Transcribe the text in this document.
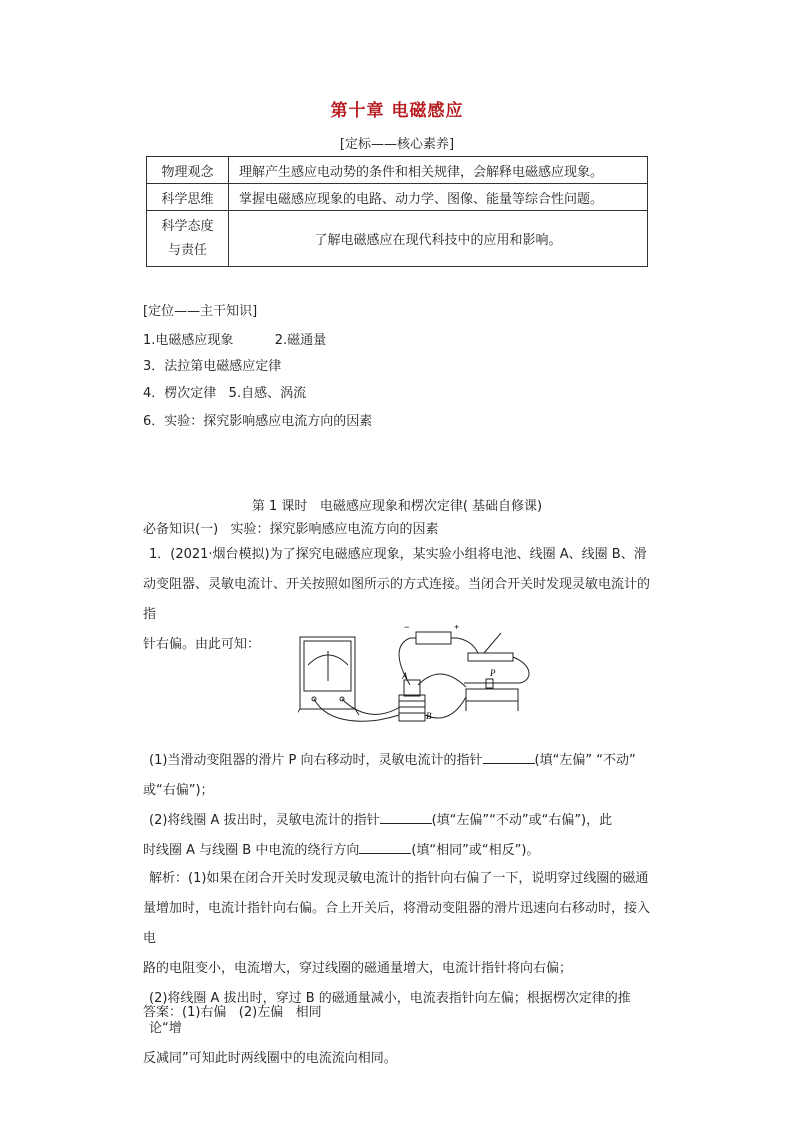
第十章 电磁感应
[定标——核心素养]
物理观念	理解产生感应电动势的条件和相关规律，会解释电磁感应现象。
科学思维	掌握电磁感应现象的电路、动力学、图像、能量等综合性问题。

科学态度
与责任	了解电磁感应在现代科技中的应用和影响。
[定位——主干知识]
1.电磁感应现象          2.磁通量
3．法拉第电磁感应定律
4．楞次定律   5.自感、涡流
6．实验：探究影响感应电流方向的因素
第 1 课时   电磁感应现象和楞次定律( 基础自修课)
必备知识(一)   实验：探究影响感应电流方向的因素

1．(2021·烟台模拟)为了探究电磁感应现象，某实验小组将电池、线圈 A、线圈 B、滑

动变阻器、灵敏电流计、开关按照如图所示的方式连接。当闭合开关时发现灵敏电流计的指

针右偏。由此可知：

−	+
A
B
P

(1)当滑动变阻器的滑片 P 向右移动时，灵敏电流计的指针	(填“左偏” “不动”

或“右偏”)；

(2)将线圈 A 拔出时，灵敏电流计的指针	(填“左偏”“不动”或“右偏”)，此

时线圈 A 与线圈 B 中电流的绕行方向	(填“相同”或“相反”)。

解析：(1)如果在闭合开关时发现灵敏电流计的指针向右偏了一下，说明穿过线圈的磁通

量增加时，电流计指针向右偏。合上开关后，将滑动变阻器的滑片迅速向右移动时，接入电

路的电阻变小，电流增大，穿过线圈的磁通量增大，电流计指针将向右偏；

(2)将线圈 A 拔出时，穿过 B 的磁通量减小，电流表指针向左偏；根据楞次定律的推论“增

反减同”可知此时两线圈中的电流流向相同。

答案：(1)右偏   (2)左偏   相同
